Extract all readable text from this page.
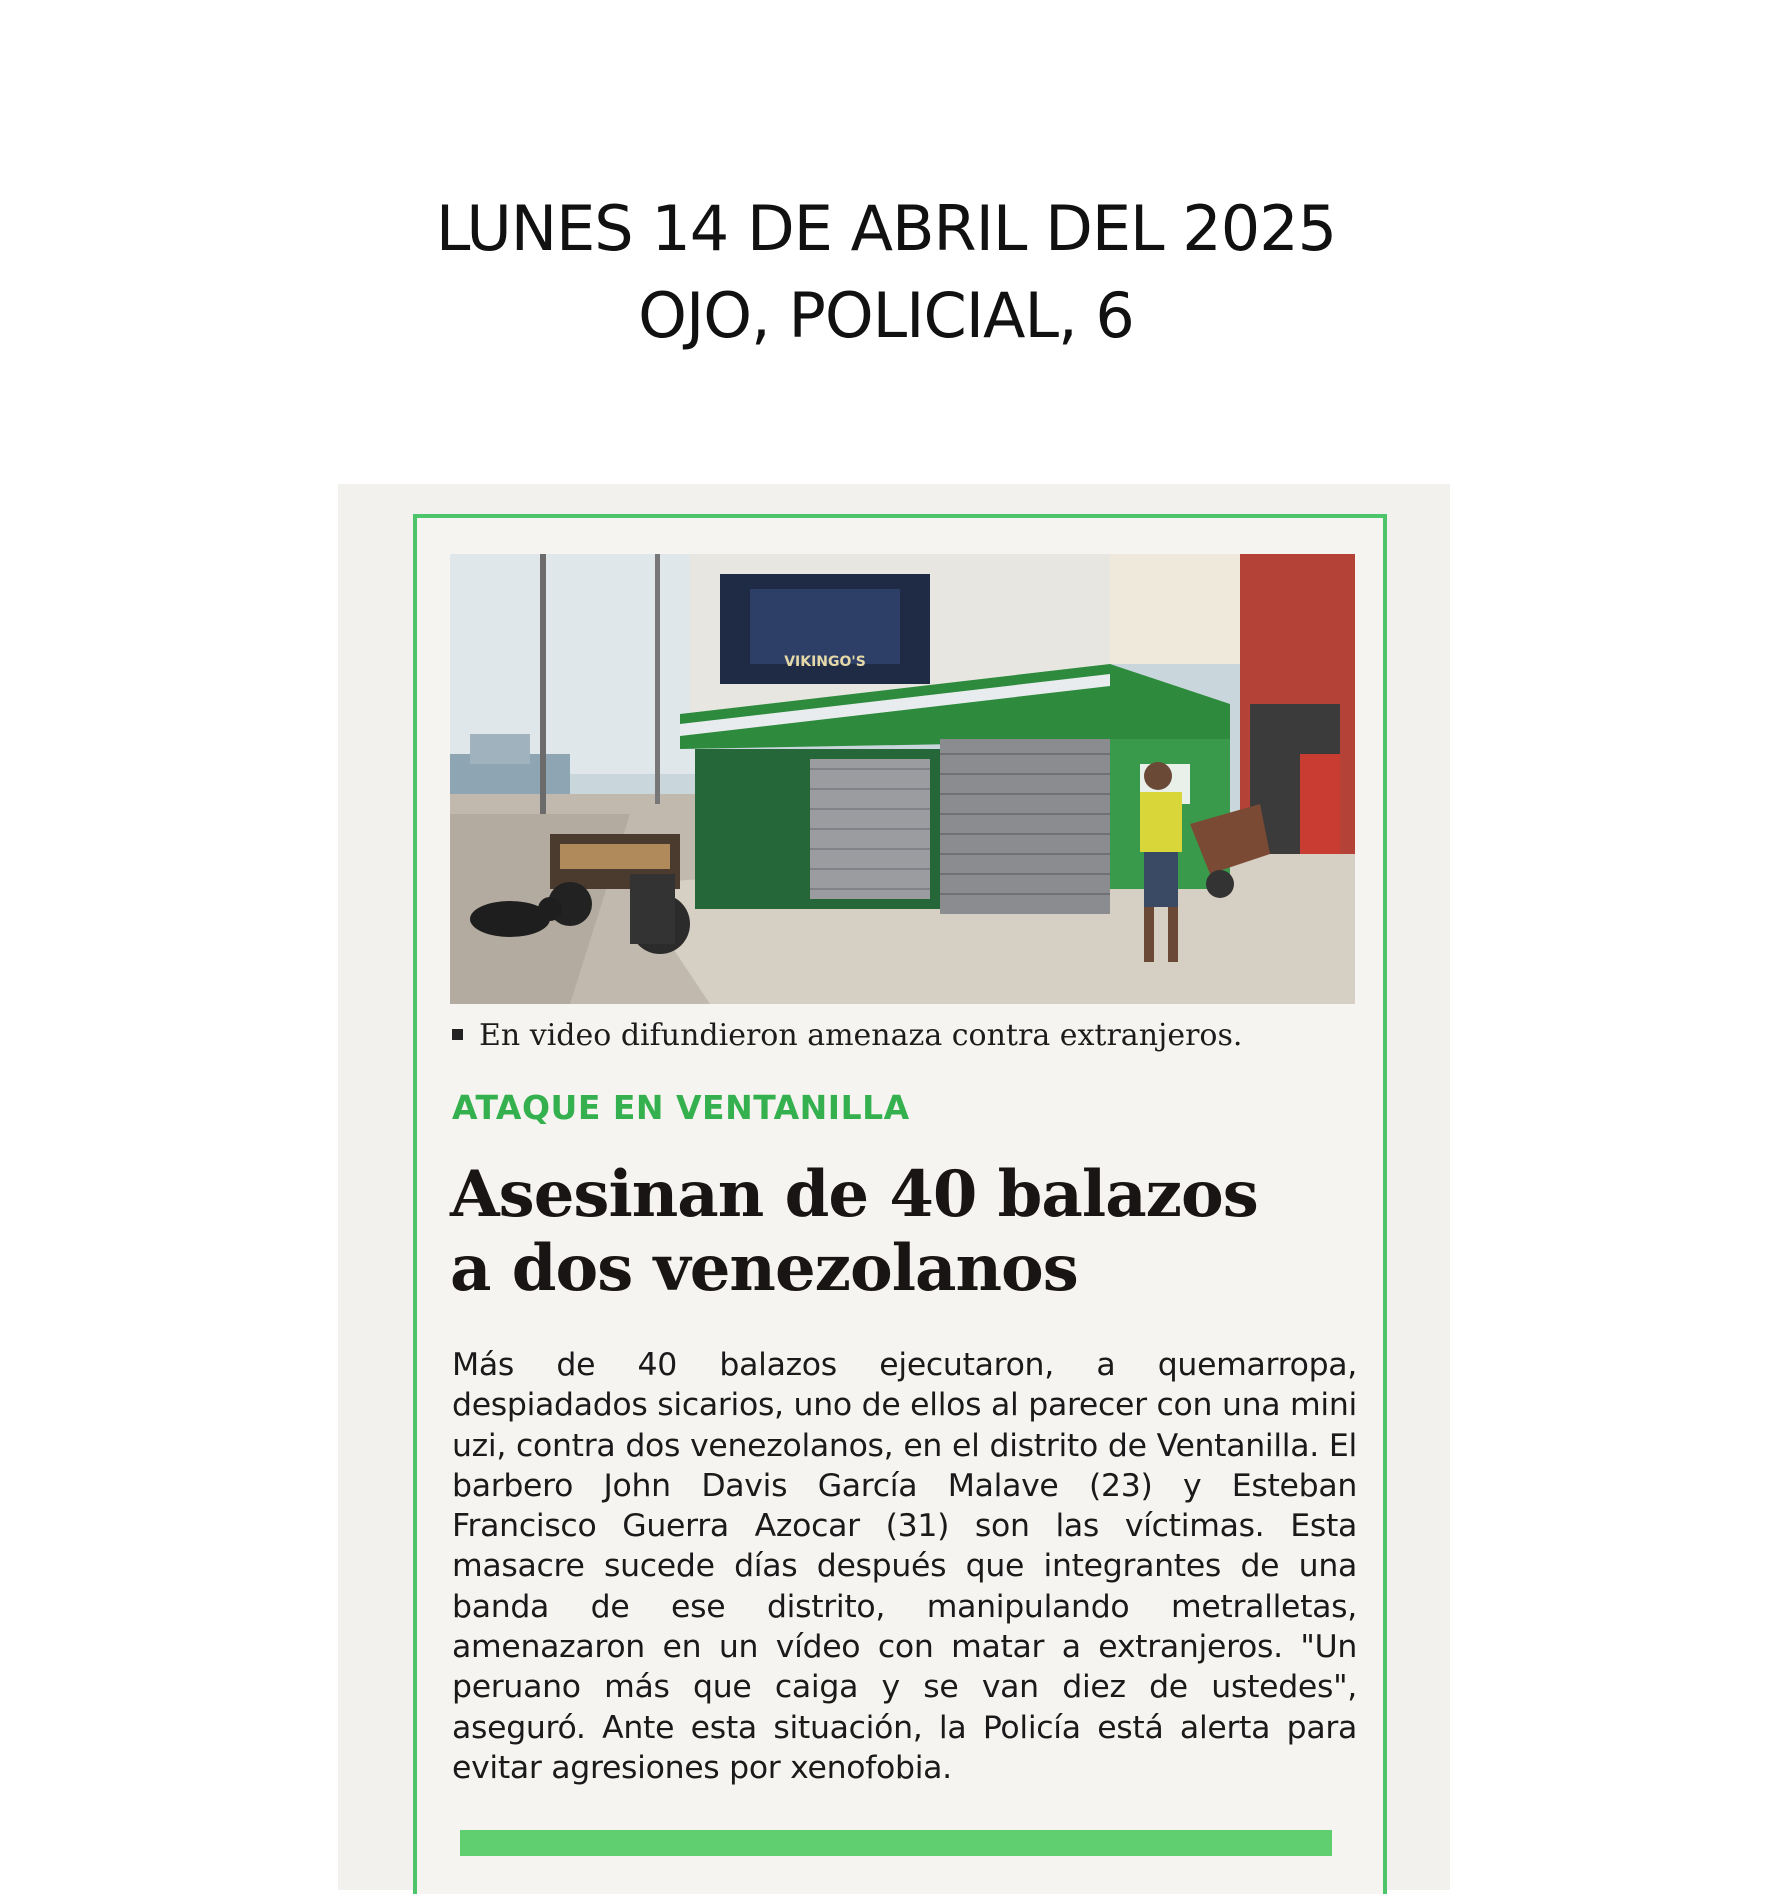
LUNES 14 DE ABRIL DEL 2025
OJO, POLICIAL, 6
VIKINGO'S
En video difundieron amenaza contra extranjeros.
ATAQUE EN VENTANILLA
Asesinan de 40 balazos
a dos venezolanos
Más de 40 balazos ejecutaron, a quemarropa, despiadados sicarios, uno de ellos al parecer con una mini uzi, contra dos venezolanos, en el distrito de Ventanilla. El barbero John Davis García Malave (23) y Esteban Francisco Guerra Azocar (31) son las víctimas. Esta masacre sucede días después que integrantes de una banda de ese distrito, manipulando metralletas, amenazaron en un vídeo con matar a extranjeros. "Un peruano más que caiga y se van diez de ustedes", aseguró. Ante esta situación, la Policía está alerta para evitar agresiones por xenofobia.
